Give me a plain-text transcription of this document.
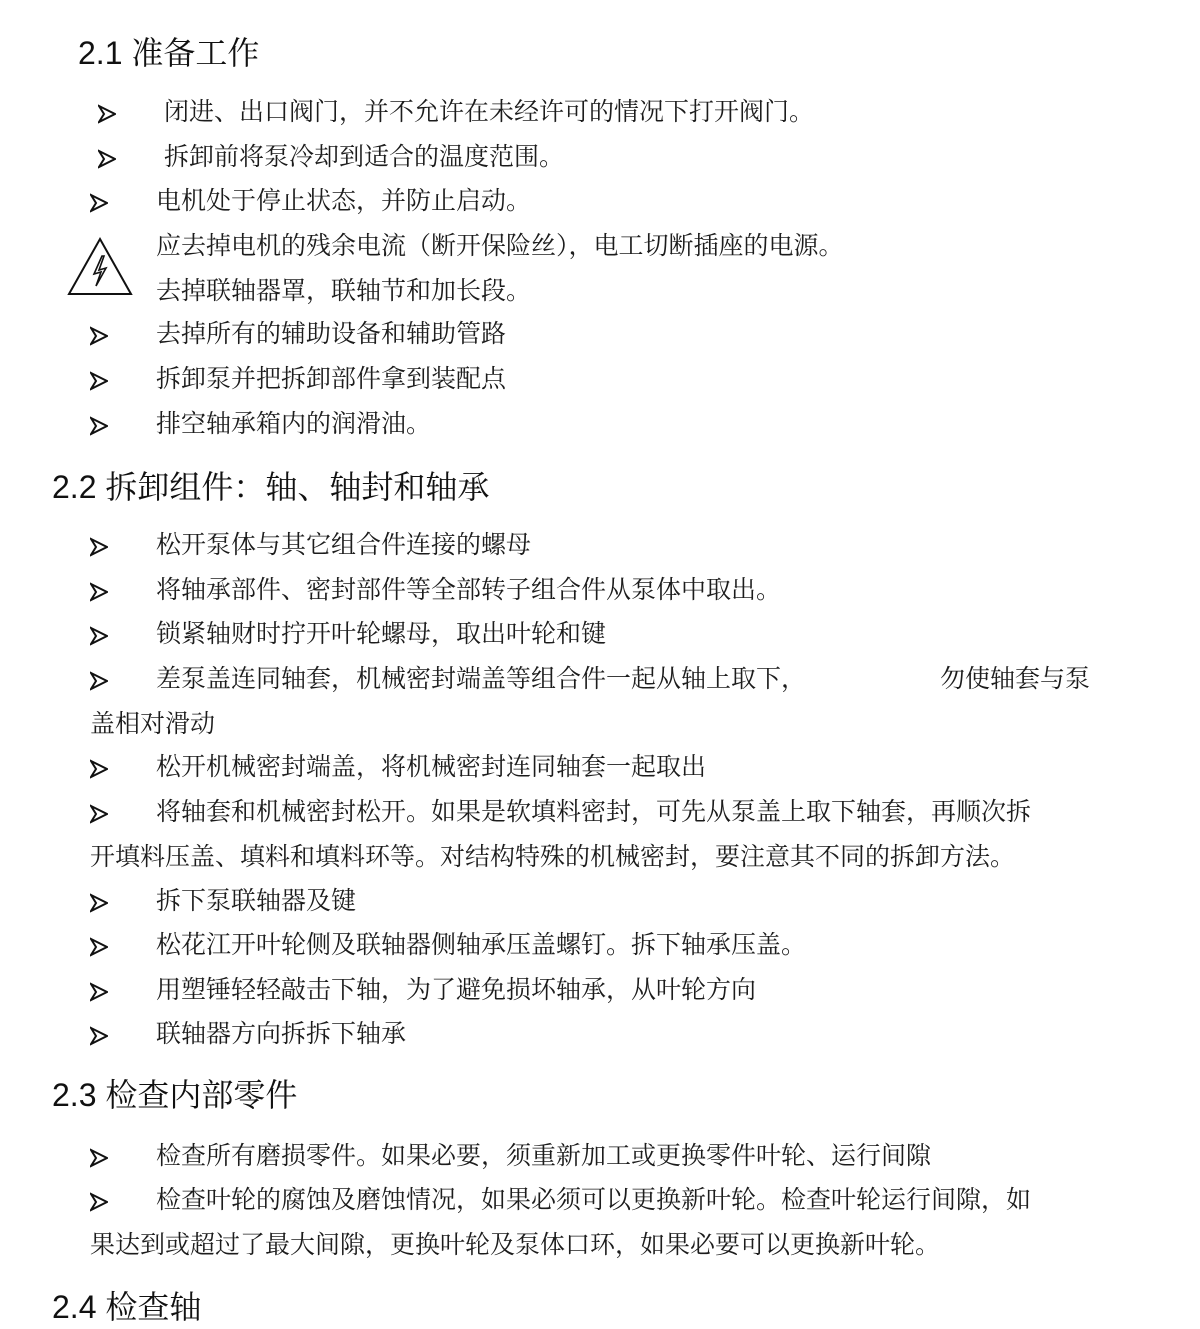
2.1 准备工作
闭进、出口阀门，并不允许在未经许可的情况下打开阀门。
拆卸前将泵冷却到适合的温度范围。
电机处于停止状态，并防止启动。
应去掉电机的残余电流（断开保险丝），电工切断插座的电源。
去掉联轴器罩，联轴节和加长段。
去掉所有的辅助设备和辅助管路
拆卸泵并把拆卸部件拿到装配点
排空轴承箱内的润滑油。
2.2 拆卸组件：轴、轴封和轴承
松开泵体与其它组合件连接的螺母
将轴承部件、密封部件等全部转子组合件从泵体中取出。
锁紧轴财时拧开叶轮螺母，取出叶轮和键
差泵盖连同轴套，机械密封端盖等组合件一起从轴上取下，	勿使轴套与泵
盖相对滑动
松开机械密封端盖，将机械密封连同轴套一起取出
将轴套和机械密封松开。如果是软填料密封，可先从泵盖上取下轴套，再顺次拆
开填料压盖、填料和填料环等。对结构特殊的机械密封，要注意其不同的拆卸方法。
拆下泵联轴器及键
松花江开叶轮侧及联轴器侧轴承压盖螺钉。拆下轴承压盖。
用塑锤轻轻敲击下轴，为了避免损坏轴承，从叶轮方向
联轴器方向拆拆下轴承
2.3 检查内部零件
检查所有磨损零件。如果必要，须重新加工或更换零件叶轮、运行间隙
检查叶轮的腐蚀及磨蚀情况，如果必须可以更换新叶轮。检查叶轮运行间隙，如
果达到或超过了最大间隙，更换叶轮及泵体口环，如果必要可以更换新叶轮。
2.4 检查轴
